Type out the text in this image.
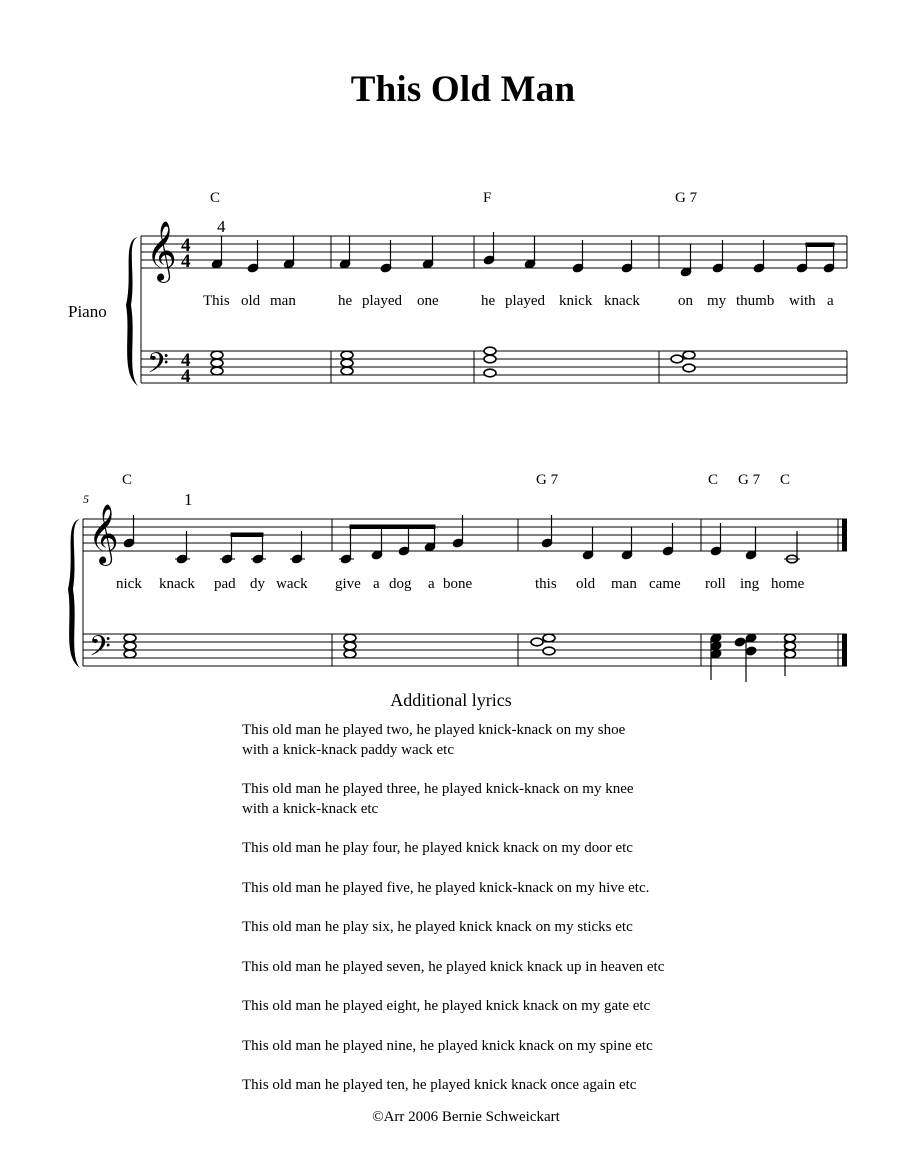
This Old Man
Piano
𝄞
𝄢
4
4
4
4
C	F	G 7
4
This old man	he played one	he played knick knack	on my thumb with a
5
𝄞
𝄢
C	G 7	C G 7 C
1
nick knack pad dy wack give a dog a bone	this old man came roll ing home
Additional lyrics
This old man he played two, he played knick-knack on my shoe
with a knick-knack paddy wack etc
This old man he played three, he played knick-knack on my knee
with a knick-knack etc
This old man he play four, he played knick knack on my door etc
This old man he played five, he played knick-knack on my hive etc.
This old man he play six, he played knick knack on my sticks etc
This old man he played seven, he played knick knack up in heaven etc
This old man he played eight, he played knick knack on my gate etc
This old man he played nine, he played knick knack on my spine etc
This old man he played ten, he played knick knack once again etc
©Arr 2006 Bernie Schweickart
